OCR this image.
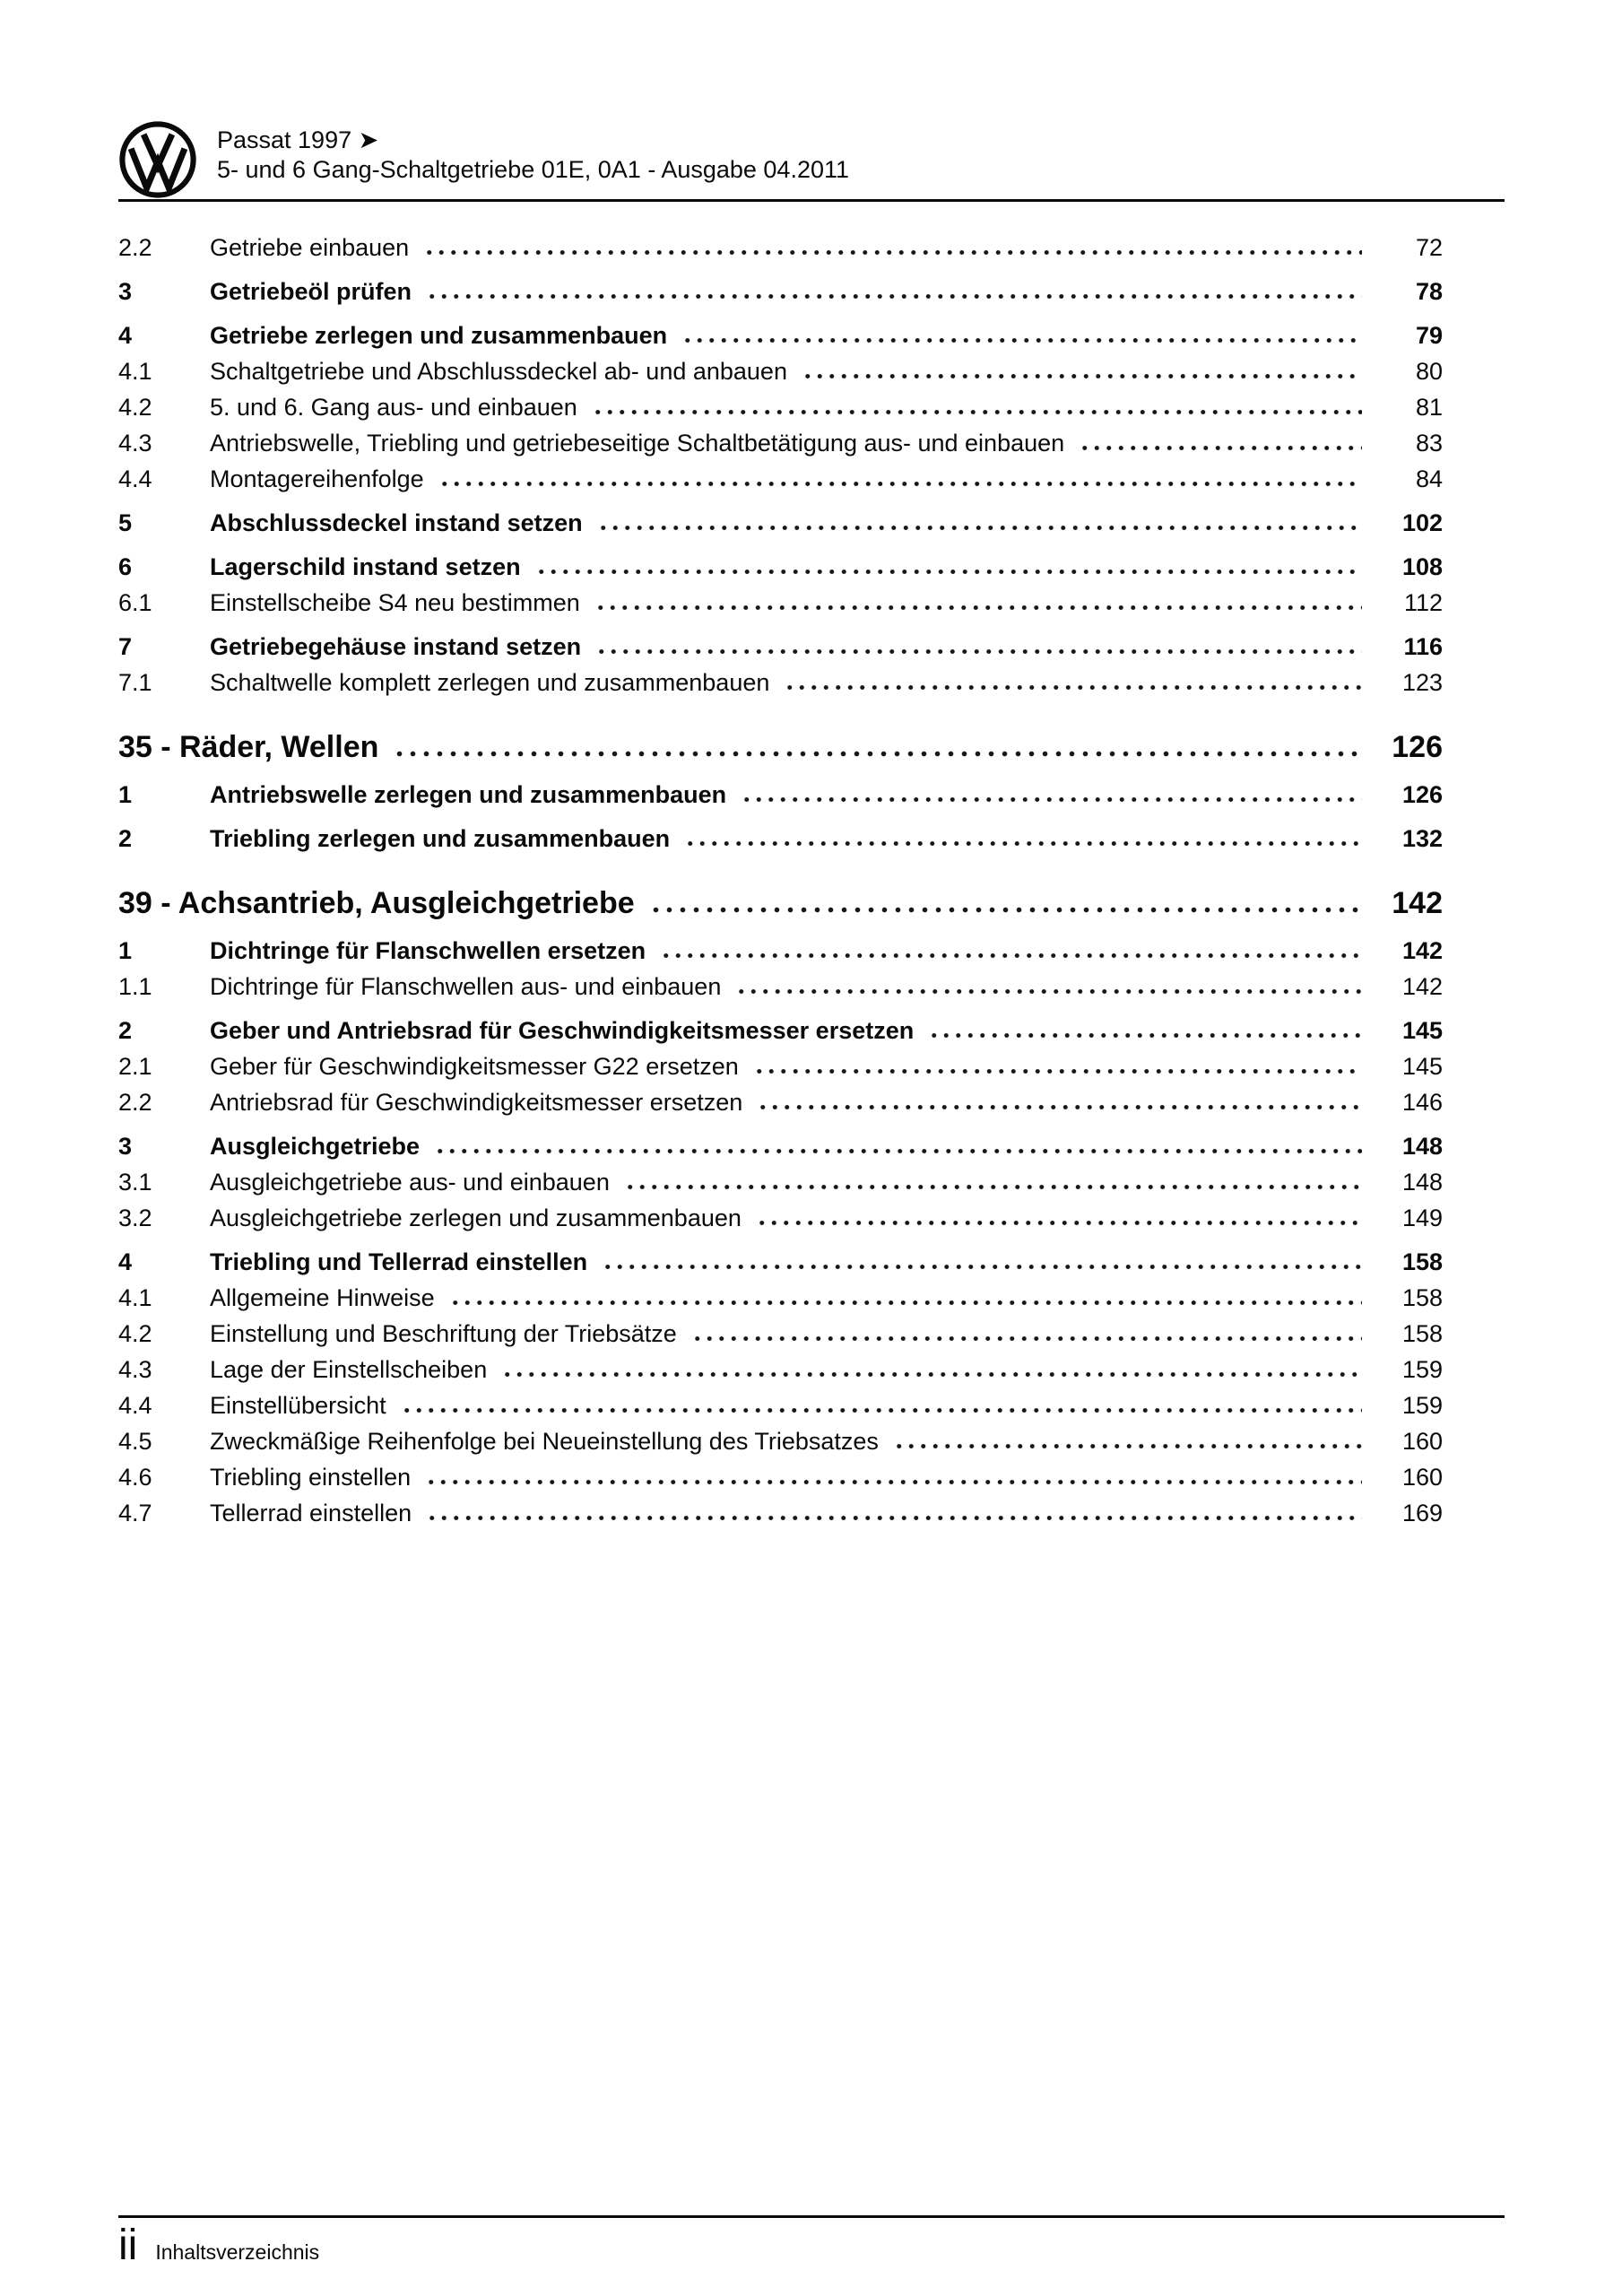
Passat 1997 ➤
5- und 6 Gang-Schaltgetriebe 01E, 0A1 - Ausgabe 04.2011
2.2	Getriebe einbauen	72
3	Getriebeöl prüfen	78
4	Getriebe zerlegen und zusammenbauen	79
4.1	Schaltgetriebe und Abschlussdeckel ab- und anbauen	80
4.2	5. und 6. Gang aus- und einbauen	81
4.3	Antriebswelle, Triebling und getriebeseitige Schaltbetätigung aus- und einbauen	83
4.4	Montagereihenfolge	84
5	Abschlussdeckel instand setzen	102
6	Lagerschild instand setzen	108
6.1	Einstellscheibe S4 neu bestimmen	112
7	Getriebegehäuse instand setzen	116
7.1	Schaltwelle komplett zerlegen und zusammenbauen	123
35 - Räder, Wellen	126
1	Antriebswelle zerlegen und zusammenbauen	126
2	Triebling zerlegen und zusammenbauen	132
39 - Achsantrieb, Ausgleichgetriebe	142
1	Dichtringe für Flanschwellen ersetzen	142
1.1	Dichtringe für Flanschwellen aus- und einbauen	142
2	Geber und Antriebsrad für Geschwindigkeitsmesser ersetzen	145
2.1	Geber für Geschwindigkeitsmesser G22 ersetzen	145
2.2	Antriebsrad für Geschwindigkeitsmesser ersetzen	146
3	Ausgleichgetriebe	148
3.1	Ausgleichgetriebe aus- und einbauen	148
3.2	Ausgleichgetriebe zerlegen und zusammenbauen	149
4	Triebling und Tellerrad einstellen	158
4.1	Allgemeine Hinweise	158
4.2	Einstellung und Beschriftung der Triebsätze	158
4.3	Lage der Einstellscheiben	159
4.4	Einstellübersicht	159
4.5	Zweckmäßige Reihenfolge bei Neueinstellung des Triebsatzes	160
4.6	Triebling einstellen	160
4.7	Tellerrad einstellen	169
ii Inhaltsverzeichnis
